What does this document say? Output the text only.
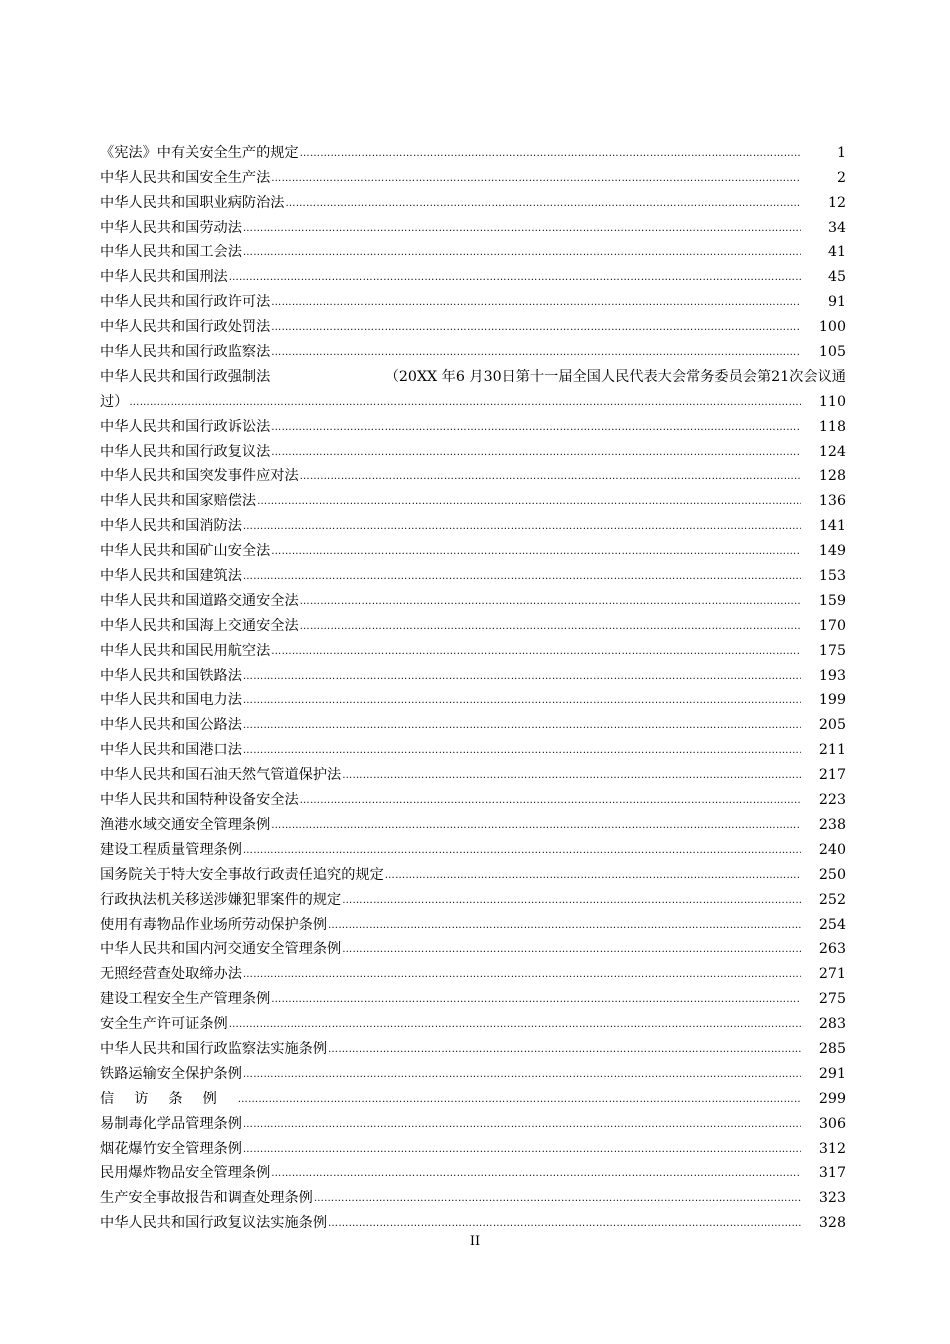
《宪法》中有关安全生产的规定 ……………………………………………………………………………………………………………………………………………………………………………………………………………………………………………………………………………………………………………………	1
中华人民共和国安全生产法 ……………………………………………………………………………………………………………………………………………………………………………………………………………………………………………………………………………………………………………………	2
中华人民共和国职业病防治法 ……………………………………………………………………………………………………………………………………………………………………………………………………………………………………………………………………………………………………………………	12
中华人民共和国劳动法 ……………………………………………………………………………………………………………………………………………………………………………………………………………………………………………………………………………………………………………………	34
中华人民共和国工会法 ……………………………………………………………………………………………………………………………………………………………………………………………………………………………………………………………………………………………………………………	41
中华人民共和国刑法 ……………………………………………………………………………………………………………………………………………………………………………………………………………………………………………………………………………………………………………………	45
中华人民共和国行政许可法 ……………………………………………………………………………………………………………………………………………………………………………………………………………………………………………………………………………………………………………………	91
中华人民共和国行政处罚法 ……………………………………………………………………………………………………………………………………………………………………………………………………………………………………………………………………………………………………………………	100
中华人民共和国行政监察法 ……………………………………………………………………………………………………………………………………………………………………………………………………………………………………………………………………………………………………………………	105
中华人民共和国行政强制法	（20XX 年6 月30日第十一届全国人民代表大会常务委员会第21次会议通
过） ……………………………………………………………………………………………………………………………………………………………………………………………………………………………………………………………………………………………………………………	110
中华人民共和国行政诉讼法 ……………………………………………………………………………………………………………………………………………………………………………………………………………………………………………………………………………………………………………………	118
中华人民共和国行政复议法 ……………………………………………………………………………………………………………………………………………………………………………………………………………………………………………………………………………………………………………………	124
中华人民共和国突发事件应对法 ……………………………………………………………………………………………………………………………………………………………………………………………………………………………………………………………………………………………………………………	128
中华人民共和国家赔偿法 ……………………………………………………………………………………………………………………………………………………………………………………………………………………………………………………………………………………………………………………	136
中华人民共和国消防法 ……………………………………………………………………………………………………………………………………………………………………………………………………………………………………………………………………………………………………………………	141
中华人民共和国矿山安全法 ……………………………………………………………………………………………………………………………………………………………………………………………………………………………………………………………………………………………………………………	149
中华人民共和国建筑法 ……………………………………………………………………………………………………………………………………………………………………………………………………………………………………………………………………………………………………………………	153
中华人民共和国道路交通安全法 ……………………………………………………………………………………………………………………………………………………………………………………………………………………………………………………………………………………………………………………	159
中华人民共和国海上交通安全法 ……………………………………………………………………………………………………………………………………………………………………………………………………………………………………………………………………………………………………………………	170
中华人民共和国民用航空法 ……………………………………………………………………………………………………………………………………………………………………………………………………………………………………………………………………………………………………………………	175
中华人民共和国铁路法 ……………………………………………………………………………………………………………………………………………………………………………………………………………………………………………………………………………………………………………………	193
中华人民共和国电力法 ……………………………………………………………………………………………………………………………………………………………………………………………………………………………………………………………………………………………………………………	199
中华人民共和国公路法 ……………………………………………………………………………………………………………………………………………………………………………………………………………………………………………………………………………………………………………………	205
中华人民共和国港口法 ……………………………………………………………………………………………………………………………………………………………………………………………………………………………………………………………………………………………………………………	211
中华人民共和国石油天然气管道保护法 ……………………………………………………………………………………………………………………………………………………………………………………………………………………………………………………………………………………………………………………	217
中华人民共和国特种设备安全法 ……………………………………………………………………………………………………………………………………………………………………………………………………………………………………………………………………………………………………………………	223
渔港水域交通安全管理条例 ……………………………………………………………………………………………………………………………………………………………………………………………………………………………………………………………………………………………………………………	238
建设工程质量管理条例 ……………………………………………………………………………………………………………………………………………………………………………………………………………………………………………………………………………………………………………………	240
国务院关于特大安全事故行政责任追究的规定 ……………………………………………………………………………………………………………………………………………………………………………………………………………………………………………………………………………………………………………………	250
行政执法机关移送涉嫌犯罪案件的规定 ……………………………………………………………………………………………………………………………………………………………………………………………………………………………………………………………………………………………………………………	252
使用有毒物品作业场所劳动保护条例 ……………………………………………………………………………………………………………………………………………………………………………………………………………………………………………………………………………………………………………………	254
中华人民共和国内河交通安全管理条例 ……………………………………………………………………………………………………………………………………………………………………………………………………………………………………………………………………………………………………………………	263
无照经营查处取缔办法 ……………………………………………………………………………………………………………………………………………………………………………………………………………………………………………………………………………………………………………………	271
建设工程安全生产管理条例 ……………………………………………………………………………………………………………………………………………………………………………………………………………………………………………………………………………………………………………………	275
安全生产许可证条例 ……………………………………………………………………………………………………………………………………………………………………………………………………………………………………………………………………………………………………………………	283
中华人民共和国行政监察法实施条例 ……………………………………………………………………………………………………………………………………………………………………………………………………………………………………………………………………………………………………………………	285
铁路运输安全保护条例 ……………………………………………………………………………………………………………………………………………………………………………………………………………………………………………………………………………………………………………………	291
信访条例 ……………………………………………………………………………………………………………………………………………………………………………………………………………………………………………………………………………………………………………………	299
易制毒化学品管理条例 ……………………………………………………………………………………………………………………………………………………………………………………………………………………………………………………………………………………………………………………	306
烟花爆竹安全管理条例 ……………………………………………………………………………………………………………………………………………………………………………………………………………………………………………………………………………………………………………………	312
民用爆炸物品安全管理条例 ……………………………………………………………………………………………………………………………………………………………………………………………………………………………………………………………………………………………………………………	317
生产安全事故报告和调查处理条例 ……………………………………………………………………………………………………………………………………………………………………………………………………………………………………………………………………………………………………………………	323
中华人民共和国行政复议法实施条例 ……………………………………………………………………………………………………………………………………………………………………………………………………………………………………………………………………………………………………………………	328
II
